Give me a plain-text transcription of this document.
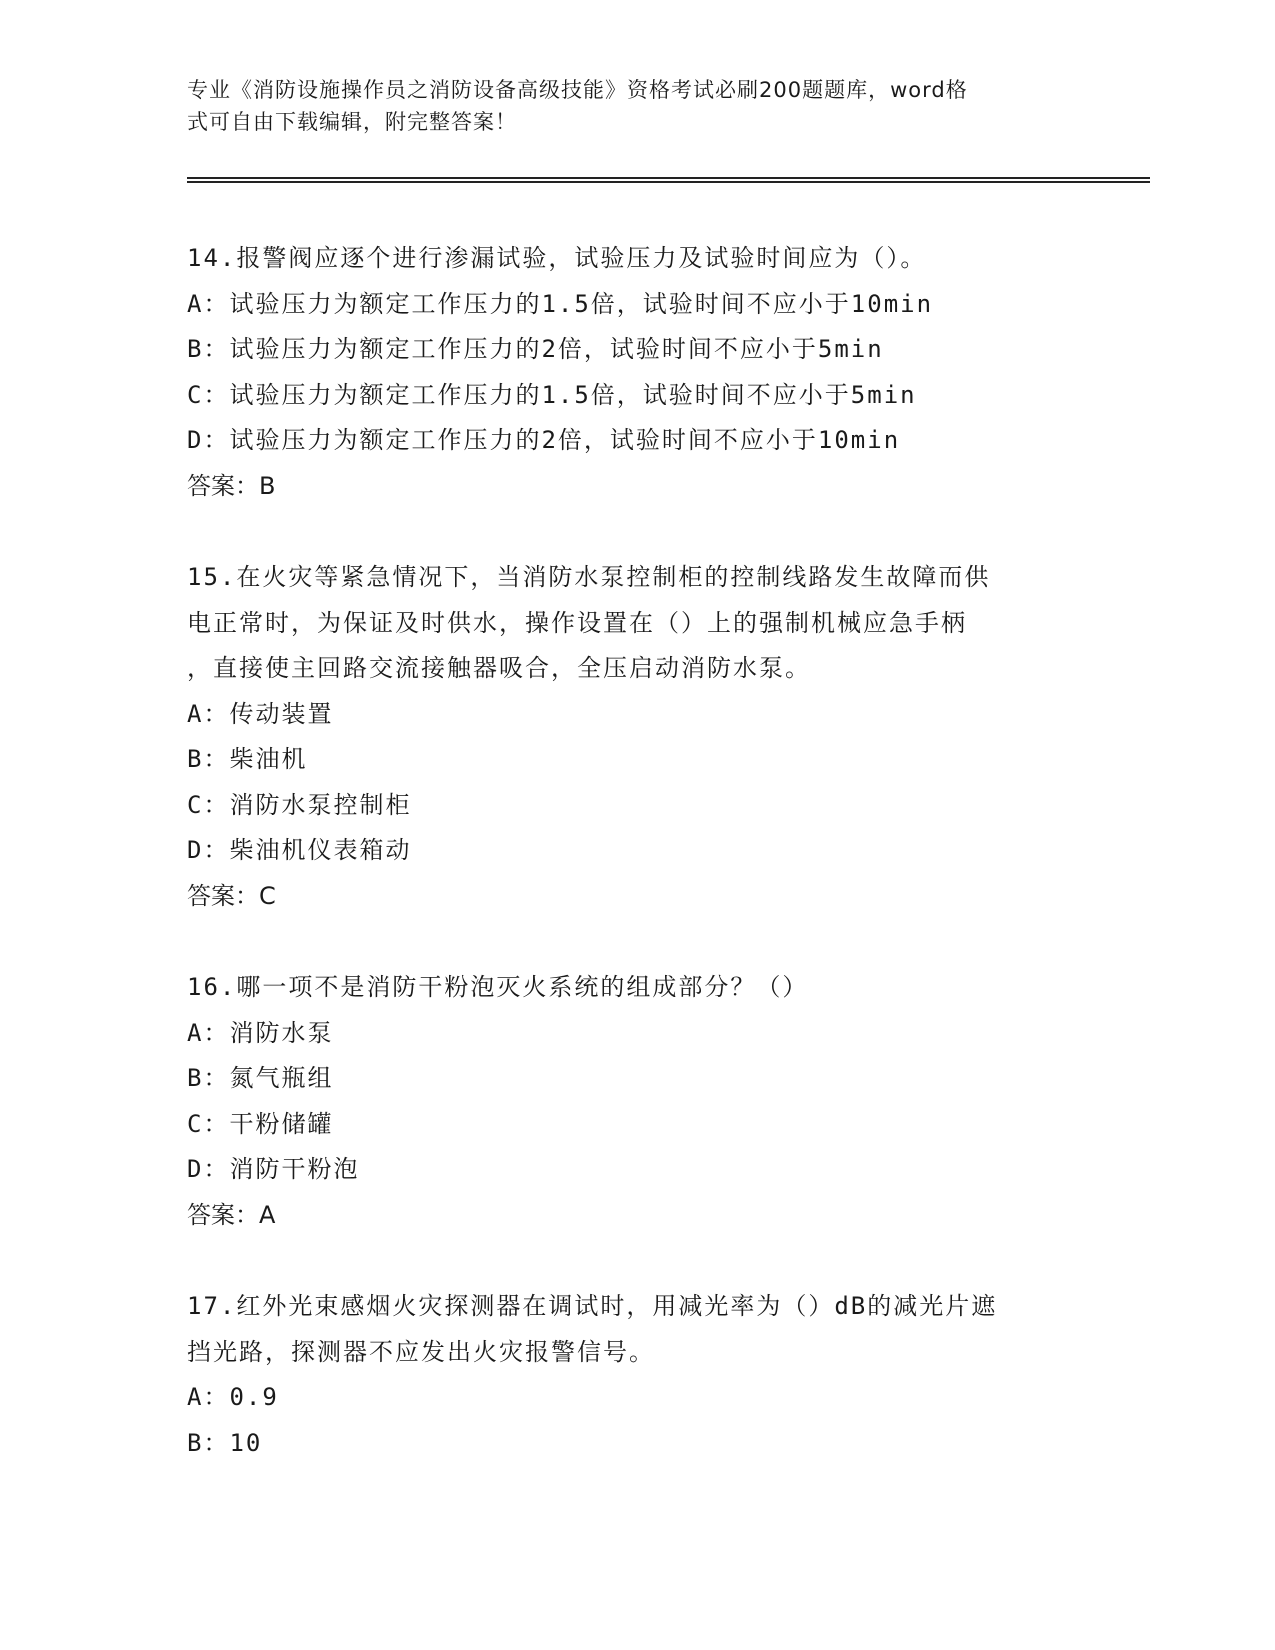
专业《消防设施操作员之消防设备高级技能》资格考试必刷200题题库，word格
式可自由下载编辑，附完整答案！

14.报警阀应逐个进行渗漏试验，试验压力及试验时间应为（）。

A：试验压力为额定工作压力的1.5倍，试验时间不应小于10min

B：试验压力为额定工作压力的2倍，试验时间不应小于5min

C：试验压力为额定工作压力的1.5倍，试验时间不应小于5min

D：试验压力为额定工作压力的2倍，试验时间不应小于10min

答案：B

15.在火灾等紧急情况下，当消防水泵控制柜的控制线路发生故障而供

电正常时，为保证及时供水，操作设置在（）上的强制机械应急手柄

，直接使主回路交流接触器吸合，全压启动消防水泵。

A：传动装置

B：柴油机

C：消防水泵控制柜

D：柴油机仪表箱动

答案：C

16.哪一项不是消防干粉泡灭火系统的组成部分？（）

A：消防水泵

B：氮气瓶组

C：干粉储罐

D：消防干粉泡

答案：A

17.红外光束感烟火灾探测器在调试时，用减光率为（）dB的减光片遮

挡光路，探测器不应发出火灾报警信号。

A：0.9

B：10
